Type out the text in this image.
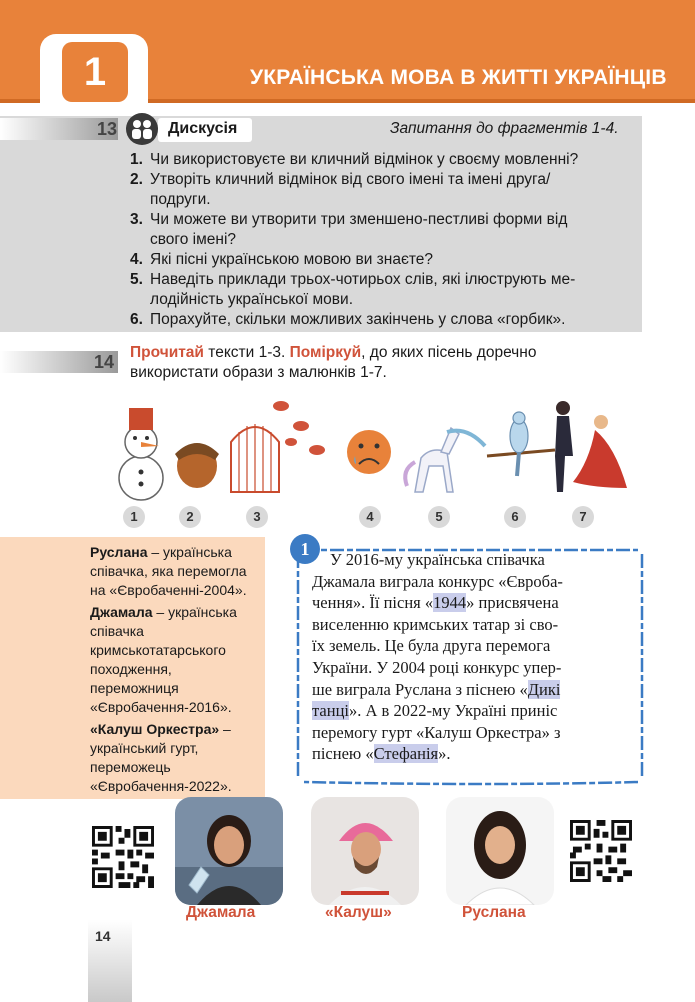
1	УКРАЇНСЬКА МОВА В ЖИТТІ УКРАЇНЦІВ
13	Дискусія	Запитання до фрагментів 1-4.
1. Чи використовуєте ви кличний відмінок у своєму мовленні?
2. Утворіть кличний відмінок від свого імені та імені друга/
подруги.
3. Чи можете ви утворити три зменшено-пестливі форми від
свого імені?
4. Які пісні українською мовою ви знаєте?
5. Наведіть приклади трьох-чотирьох слів, які ілюструють ме-
лодійність української мови.
6. Порахуйте, скільки можливих закінчень у слова «горбик».
14 Прочитай тексти 1-3. Поміркуй, до яких пісень доречно
використати образи з малюнків 1-7.
1	2	3	4	5	6	7

Руслана – українська співачка, яка перемогла на «Євробаченні-2004».

Джамала – українська співачка кримськотатарського походження, переможниця «Євробачення-2016».

«Калуш Оркестра» – український гурт, переможець «Євробачення-2022».

1
У 2016-му українська співачка
Джамала виграла конкурс «Євроба-
чення». Її пісня «1944» присвячена
виселенню кримських татар зі сво-
їх земель. Це була друга перемога
України. У 2004 році конкурс упер-
ше виграла Руслана з піснею «Дикі
танці». А в 2022-му Україні приніс
перемогу гурт «Калуш Оркестра» з
піснею «Стефанія».
Джамала	«Калуш»	Руслана
14
